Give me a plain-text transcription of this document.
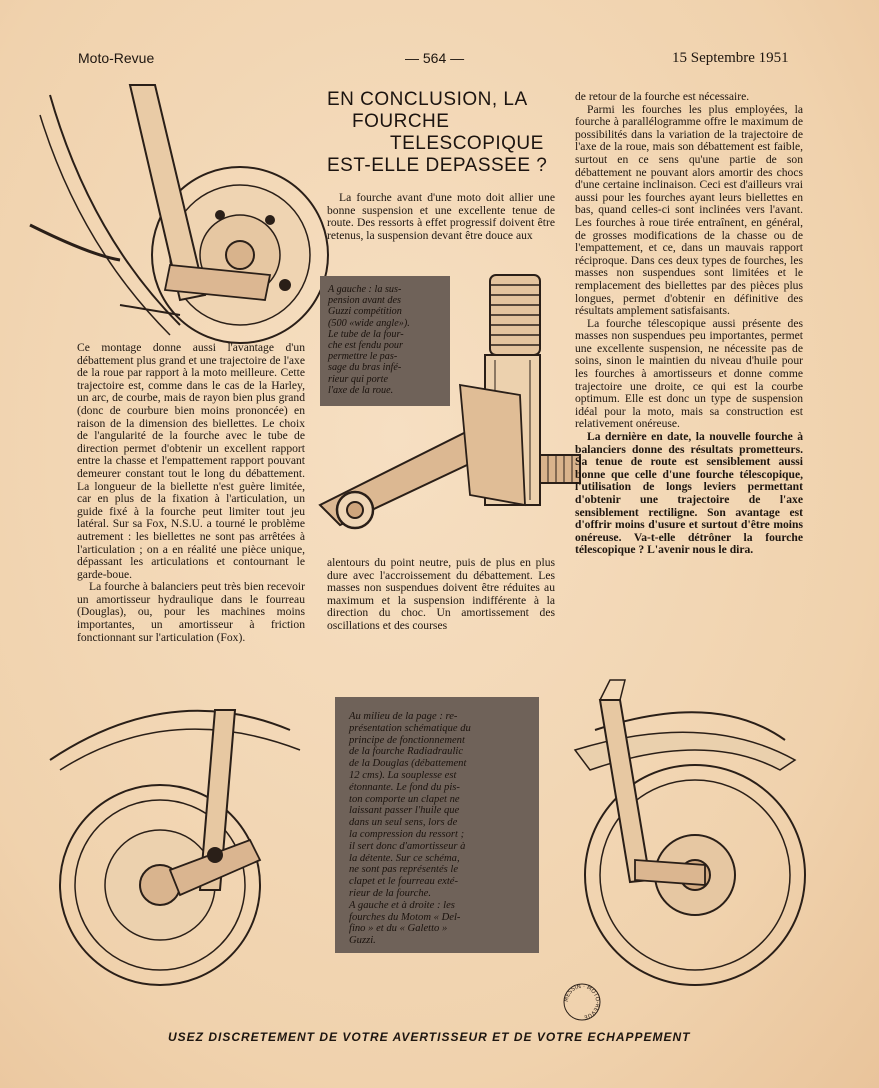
Moto-Revue	— 564 —	15 Septembre 1951
EN CONCLUSION, LA
FOURCHE
TELESCOPIQUE
EST-ELLE DEPASSEE ?

La fourche avant d'une moto doit allier une bonne suspension et une excellente tenue de route. Des ressorts à effet progressif doivent être retenus, la suspension devant être douce aux

A gauche : la sus-
pension avant des
Guzzi compétition
(500 «wide angle»).
Le tube de la four-
che est fendu pour
permettre le pas-
sage du bras infé-
rieur qui porte
l'axe de la roue.

alentours du point neutre, puis de plus en plus dure avec l'accroissement du débattement. Les masses non suspendues doivent être réduites au maximum et la suspension indifférente à la direction du choc. Un amortissement des oscillations et des courses

Ce montage donne aussi l'avantage d'un débattement plus grand et une trajectoire de l'axe de la roue par rapport à la moto meilleure. Cette trajectoire est, comme dans le cas de la Harley, un arc, de courbe, mais de rayon bien plus grand (donc de courbure bien moins prononcée) en raison de la dimension des biellettes. Le choix de l'angularité de la fourche avec le tube de direction permet d'obtenir un excellent rapport entre la chasse et l'empattement rapport pouvant demeurer constant tout le long du débattement. La longueur de la biellette n'est guère limitée, car en plus de la fixation à l'articulation, un guide fixé à la fourche peut limiter tout jeu latéral. Sur sa Fox, N.S.U. a tourné le problème autrement : les biellettes ne sont pas arrêtées à l'articulation ; on a en réalité une pièce unique, dépassant les articulations et contournant le garde-boue.

La fourche à balanciers peut très bien recevoir un amortisseur hydraulique dans le fourreau (Douglas), ou, pour les machines moins importantes, un amortisseur à friction fonctionnant sur l'articulation (Fox).

de retour de la fourche est nécessaire.

Parmi les fourches les plus employées, la fourche à parallélogramme offre le maximum de possibilités dans la variation de la trajectoire de l'axe de la roue, mais son débattement est faible, surtout en ce sens qu'une partie de son débattement ne pouvant alors amortir des chocs d'une certaine inclinaison. Ceci est d'ailleurs vrai aussi pour les fourches ayant leurs biellettes en bas, quand celles-ci sont inclinées vers l'avant. Les fourches à roue tirée entraînent, en général, de grosses modifications de la chasse ou de l'empattement, et ce, dans un mauvais rapport réciproque. Dans ces deux types de fourches, les masses non suspendues sont limitées et le remplacement des biellettes par des pièces plus longues, permet d'obtenir en définitive des résultats amplement satisfaisants.

La fourche télescopique aussi présente des masses non suspendues peu importantes, permet une excellente suspension, ne nécessite pas de soins, sinon le maintien du niveau d'huile pour les fourches à amortisseurs et donne comme trajectoire une droite, ce qui est la courbe optimum. Elle est donc un type de suspension idéal pour la moto, mais sa construction est relativement onéreuse.

La dernière en date, la nouvelle fourche à balanciers donne des résultats prometteurs. Sa tenue de route est sensiblement aussi bonne que celle d'une fourche télescopique, l'utilisation de longs leviers permettant d'obtenir une trajectoire de l'axe sensiblement rectiligne. Son avantage est d'offrir moins d'usure et surtout d'être moins onéreuse. Va-t-elle détrôner la fourche télescopique ? L'avenir nous le dira.

Au milieu de la page : re-
présentation schématique du
principe de fonctionnement
de la fourche Radiadraulic
de la Douglas (débattement
12 cms). La souplesse est
étonnante. Le fond du pis-
ton comporte un clapet ne
laissant passer l'huile que
dans un seul sens, lors de
la compression du ressort ;
il sert donc d'amortisseur à
la détente. Sur ce schéma,
ne sont pas représentés le
clapet et le fourreau exté-
rieur de la fourche.
A gauche et à droite : les
fourches du Motom « Del-
fino » et du « Galetto »
Guzzi.
MESSIN · MOTO-REVUE
USEZ DISCRETEMENT DE VOTRE AVERTISSEUR ET DE VOTRE ECHAPPEMENT
